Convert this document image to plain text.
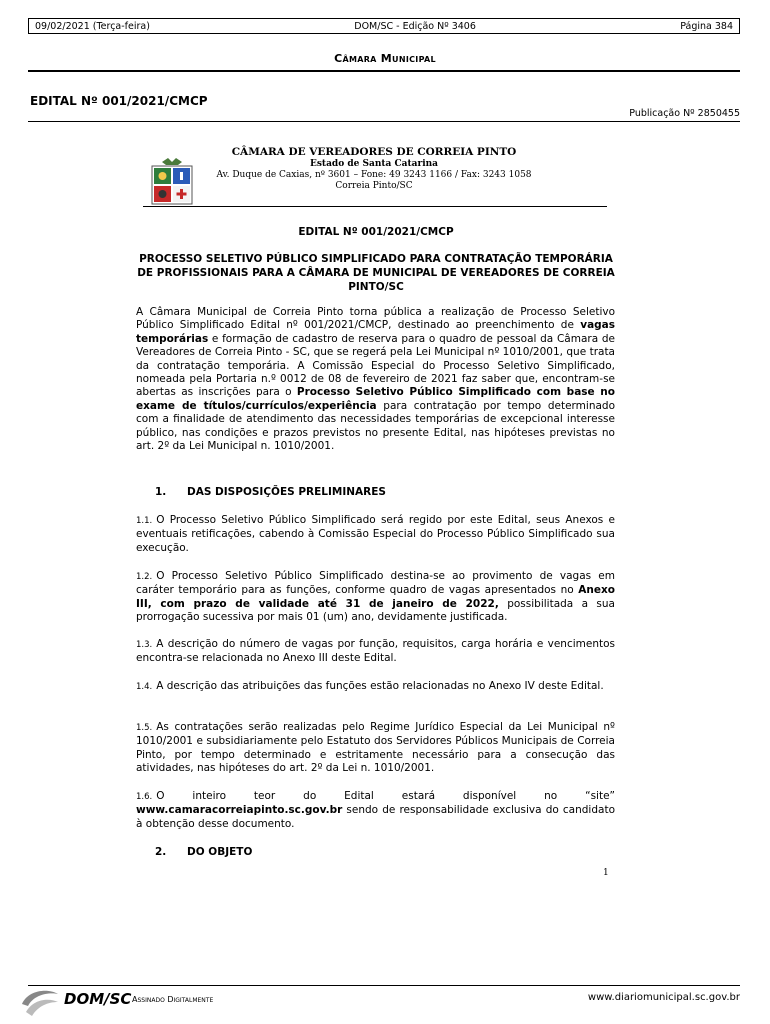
09/02/2021 (Terça-feira)	DOM/SC - Edição Nº 3406	Página 384
Câmara Municipal
EDITAL Nº 001/2021/CMCP
Publicação Nº 2850455
CÂMARA DE VEREADORES DE CORREIA PINTO
Estado de Santa Catarina
Av. Duque de Caxias, nº 3601 – Fone: 49 3243 1166 / Fax: 3243 1058
Correia Pinto/SC
EDITAL Nº 001/2021/CMCP
PROCESSO SELETIVO PÚBLICO SIMPLIFICADO PARA CONTRATAÇÃO TEMPORÁRIA DE PROFISSIONAIS PARA A CÂMARA DE MUNICIPAL DE VEREADORES DE CORREIA PINTO/SC
A Câmara Municipal de Correia Pinto torna pública a realização de Processo Seletivo Público Simplificado Edital nº 001/2021/CMCP, destinado ao preenchimento de vagas temporárias e formação de cadastro de reserva para o quadro de pessoal da Câmara de Vereadores de Correia Pinto - SC, que se regerá pela Lei Municipal nº 1010/2001, que trata da contratação temporária. A Comissão Especial do Processo Seletivo Simplificado, nomeada pela Portaria n.º 0012 de 08 de fevereiro de 2021 faz saber que, encontram-se abertas as inscrições para o Processo Seletivo Público Simplificado com base no exame de títulos/currículos/experiência para contratação por tempo determinado com a finalidade de atendimento das necessidades temporárias de excepcional interesse público, nas condições e prazos previstos no presente Edital, nas hipóteses previstas no art. 2º da Lei Municipal n. 1010/2001.
1. DAS DISPOSIÇÕES PRELIMINARES
1.1. O Processo Seletivo Público Simplificado será regido por este Edital, seus Anexos e eventuais retificações, cabendo à Comissão Especial do Processo Público Simplificado sua execução.
1.2. O Processo Seletivo Público Simplificado destina-se ao provimento de vagas em caráter temporário para as funções, conforme quadro de vagas apresentados no Anexo III, com prazo de validade até 31 de janeiro de 2022, possibilitada a sua prorrogação sucessiva por mais 01 (um) ano, devidamente justificada.
1.3. A descrição do número de vagas por função, requisitos, carga horária e vencimentos encontra-se relacionada no Anexo III deste Edital.
1.4. A descrição das atribuições das funções estão relacionadas no Anexo IV deste Edital.
1.5. As contratações serão realizadas pelo Regime Jurídico Especial da Lei Municipal nº 1010/2001 e subsidiariamente pelo Estatuto dos Servidores Públicos Municipais de Correia Pinto, por tempo determinado e estritamente necessário para a consecução das atividades, nas hipóteses do art. 2º da Lei n. 1010/2001.
1.6. O inteiro teor do Edital estará disponível no “site” www.camaracorreiapinto.sc.gov.br sendo de responsabilidade exclusiva do candidato à obtenção desse documento.
2. DO OBJETO
1
DOM/SC Assinado Digitalmente	www.diariomunicipal.sc.gov.br
